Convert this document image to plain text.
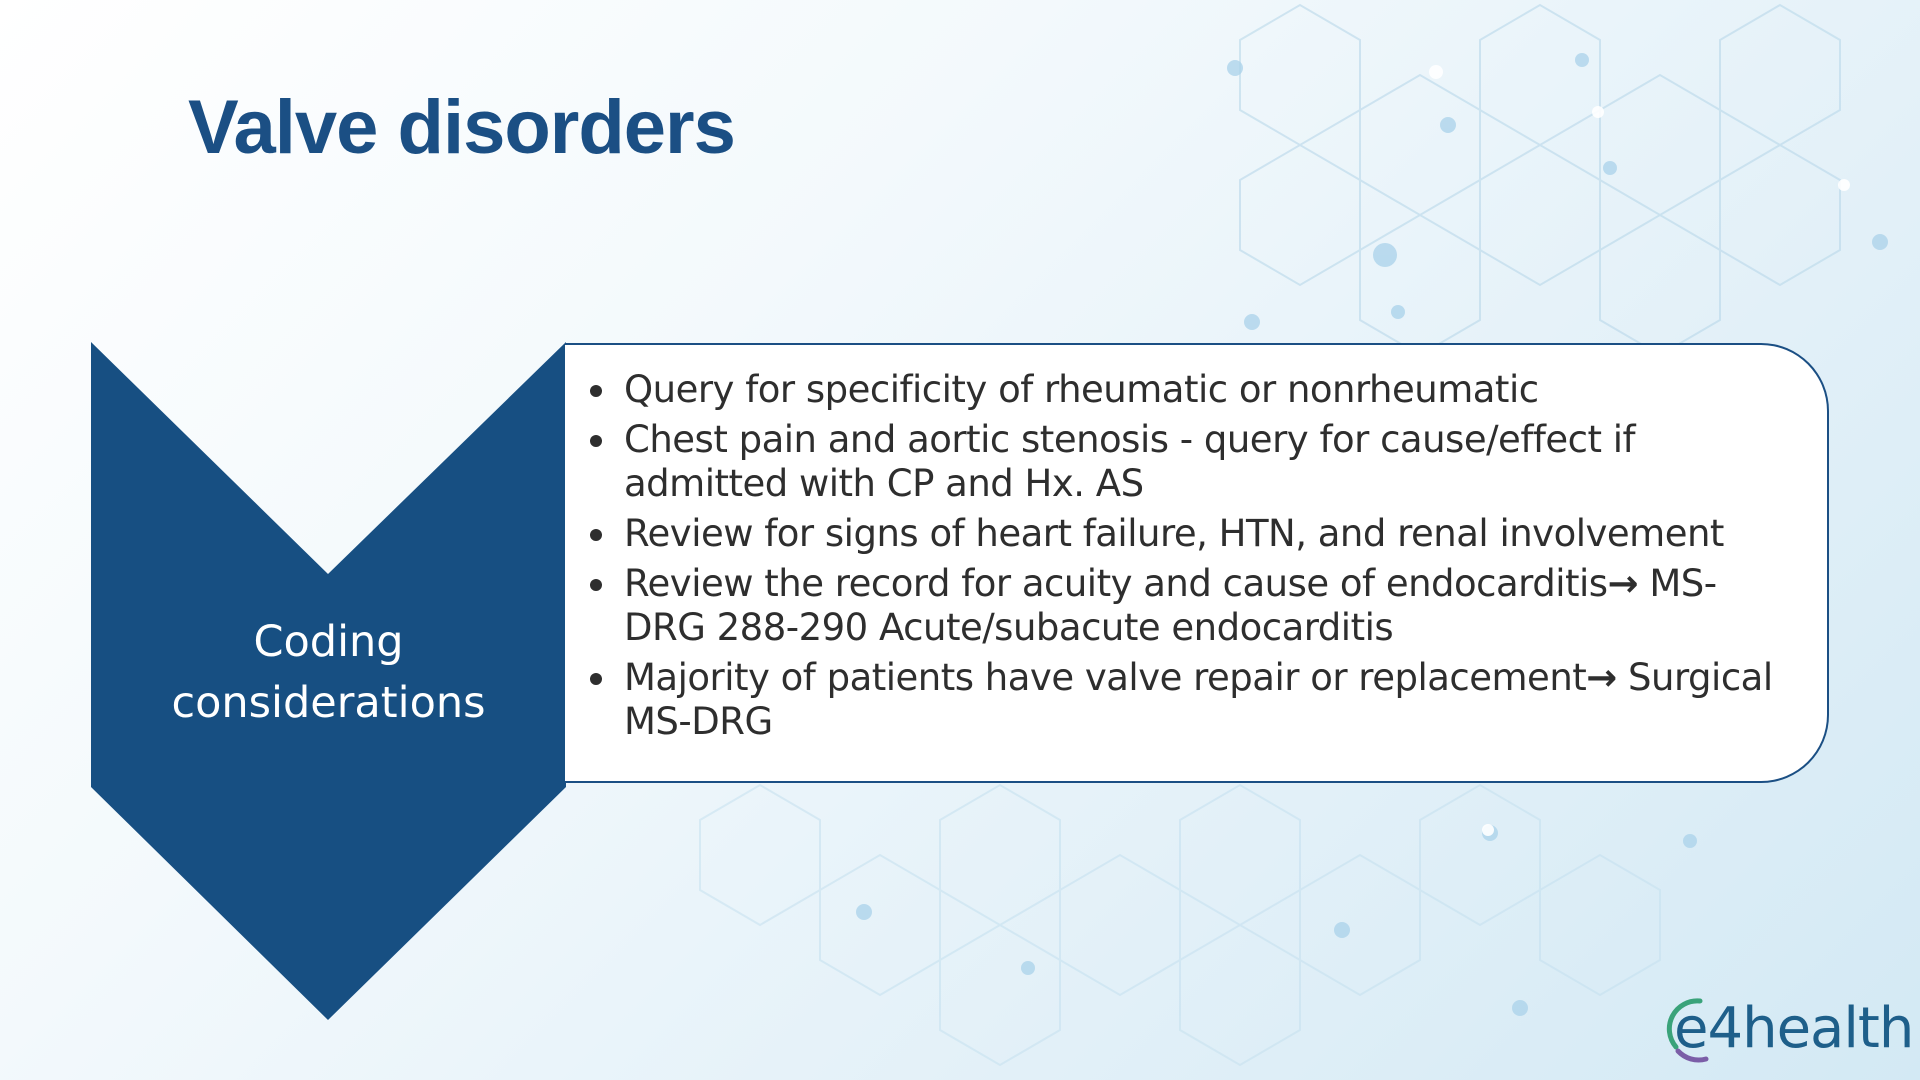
Valve disorders
Coding
considerations
Query for specificity of rheumatic or nonrheumatic
Chest pain and aortic stenosis - query for cause/effect if admitted with CP and Hx. AS
Review for signs of heart failure, HTN, and renal involvement
Review the record for acuity and cause of endocarditis→ MS-DRG 288-290 Acute/subacute endocarditis
Majority of patients have valve repair or replacement→ Surgical MS-DRG
e4health
